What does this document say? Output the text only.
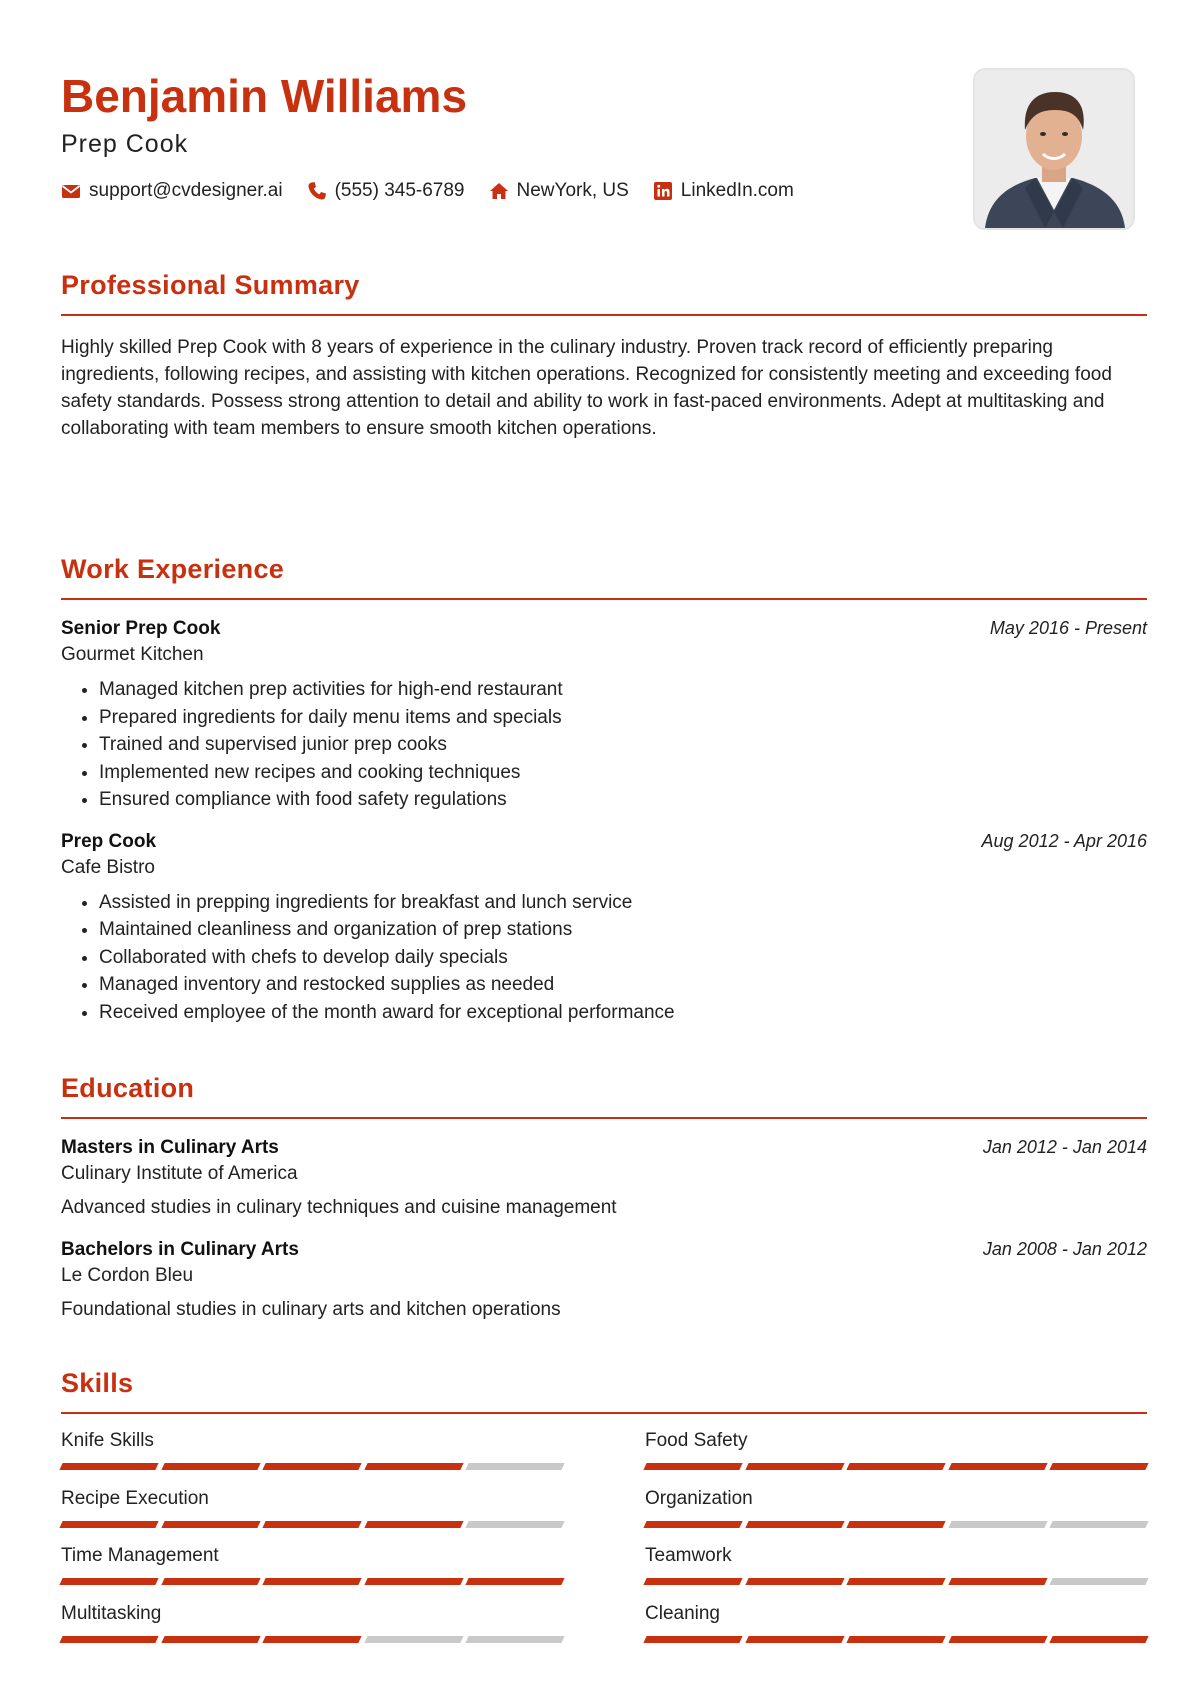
Benjamin Williams
Prep Cook
support@cvdesigner.ai	(555) 345-6789	NewYork, US	LinkedIn.com
Professional Summary
Highly skilled Prep Cook with 8 years of experience in the culinary industry. Proven track record of efficiently preparing ingredients, following recipes, and assisting with kitchen operations. Recognized for consistently meeting and exceeding food safety standards. Possess strong attention to detail and ability to work in fast-paced environments. Adept at multitasking and collaborating with team members to ensure smooth kitchen operations.
Work Experience
Senior Prep Cook	May 2016 - Present
Gourmet Kitchen
• Managed kitchen prep activities for high-end restaurant
• Prepared ingredients for daily menu items and specials
• Trained and supervised junior prep cooks
• Implemented new recipes and cooking techniques
• Ensured compliance with food safety regulations
Prep Cook	Aug 2012 - Apr 2016
Cafe Bistro
• Assisted in prepping ingredients for breakfast and lunch service
• Maintained cleanliness and organization of prep stations
• Collaborated with chefs to develop daily specials
• Managed inventory and restocked supplies as needed
• Received employee of the month award for exceptional performance
Education
Masters in Culinary Arts	Jan 2012 - Jan 2014
Culinary Institute of America
Advanced studies in culinary techniques and cuisine management
Bachelors in Culinary Arts	Jan 2008 - Jan 2012
Le Cordon Bleu
Foundational studies in culinary arts and kitchen operations
Skills
Knife Skills	Food Safety
Recipe Execution	Organization
Time Management	Teamwork
Multitasking	Cleaning
